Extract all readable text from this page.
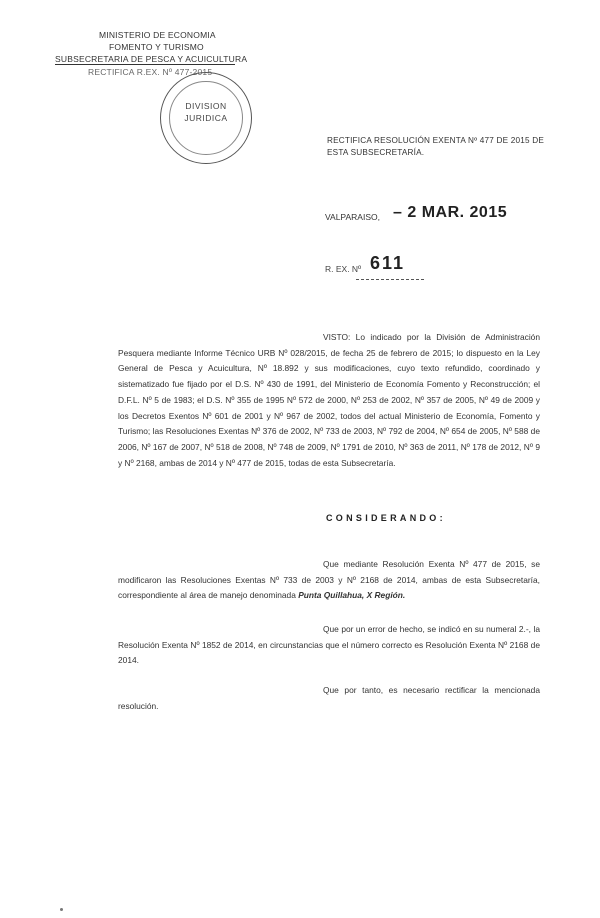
MINISTERIO DE ECONOMIA
FOMENTO Y TURISMO
SUBSECRETARIA DE PESCA Y ACUICULTURA
RECTIFICA R.EX. Nº 477-2015
DIVISION
JURIDICA
RECTIFICA RESOLUCIÓN EXENTA Nº 477 DE 2015 DE ESTA SUBSECRETARÍA.
VALPARAISO, – 2 MAR. 2015
R. EX. Nº 611
VISTO: Lo indicado por la División de Administración Pesquera mediante Informe Técnico URB Nº 028/2015, de fecha 25 de febrero de 2015; lo dispuesto en la Ley General de Pesca y Acuicultura, Nº 18.892 y sus modificaciones, cuyo texto refundido, coordinado y sistematizado fue fijado por el D.S. Nº 430 de 1991, del Ministerio de Economía Fomento y Reconstrucción; el D.F.L. Nº 5 de 1983; el D.S. Nº 355 de 1995 Nº 572 de 2000, Nº 253 de 2002, Nº 357 de 2005, Nº 49 de 2009 y los Decretos Exentos Nº 601 de 2001 y Nº 967 de 2002, todos del actual Ministerio de Economía, Fomento y Turismo; las Resoluciones Exentas Nº 376 de 2002, Nº 733 de 2003, Nº 792 de 2004, Nº 654 de 2005, Nº 588 de 2006, Nº 167 de 2007, Nº 518 de 2008, Nº 748 de 2009, Nº 1791 de 2010, Nº 363 de 2011, Nº 178 de 2012, Nº 9 y Nº 2168, ambas de 2014 y Nº 477 de 2015, todas de esta Subsecretaría.
CONSIDERANDO:
Que mediante Resolución Exenta Nº 477 de 2015, se modificaron las Resoluciones Exentas Nº 733 de 2003 y Nº 2168 de 2014, ambas de esta Subsecretaría, correspondiente al área de manejo denominada Punta Quillahua, X Región.
Que por un error de hecho, se indicó en su numeral 2.-, la Resolución Exenta Nº 1852 de 2014, en circunstancias que el número correcto es Resolución Exenta Nº 2168 de 2014.
Que por tanto, es necesario rectificar la mencionada resolución.
